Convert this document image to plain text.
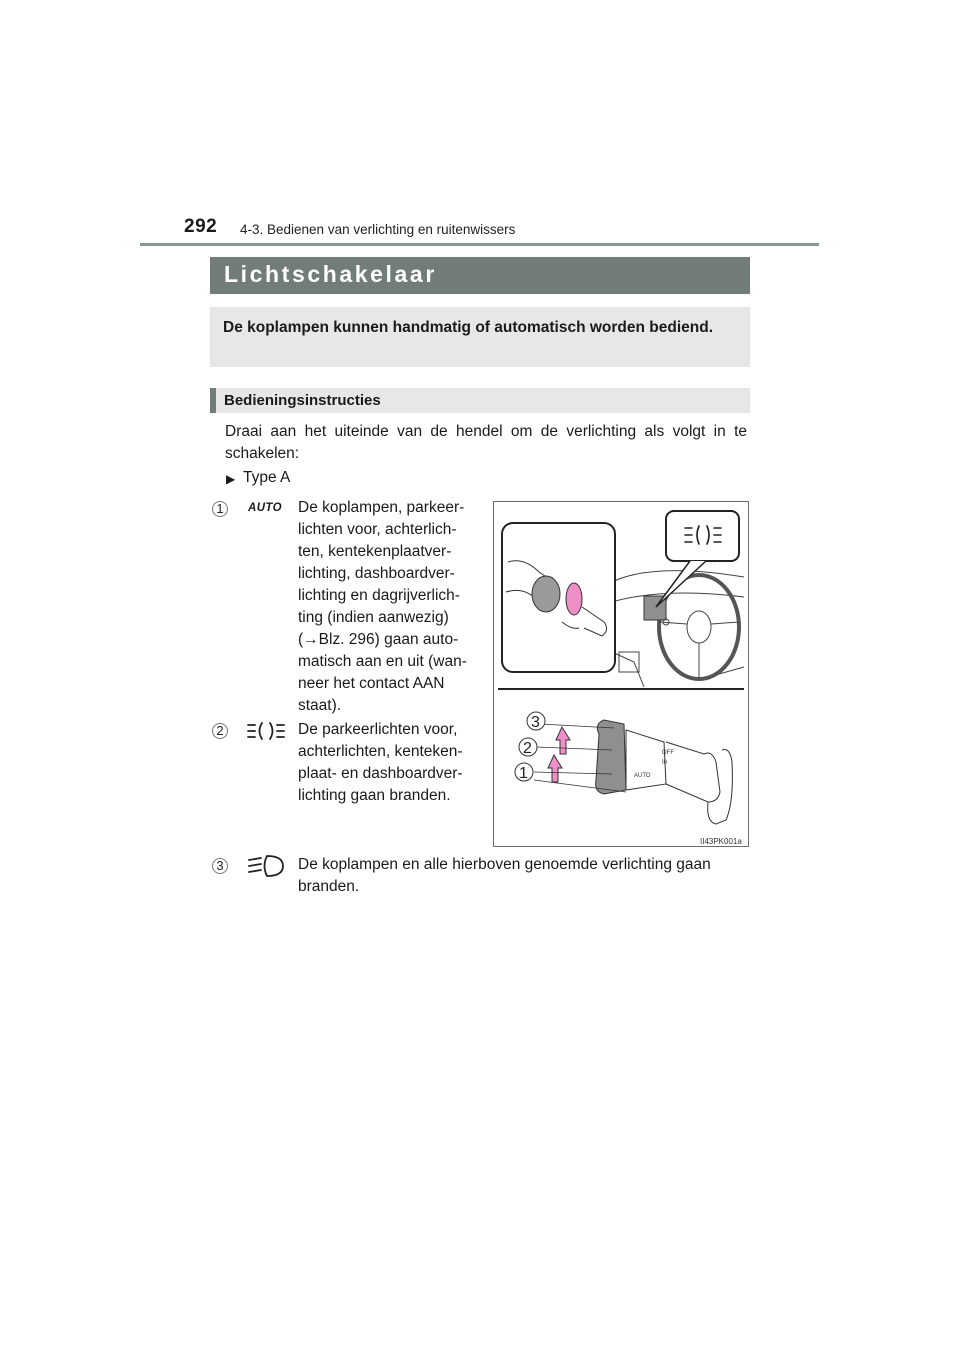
292 4-3. Bedienen van verlichting en ruitenwissers
Lichtschakelaar
De koplampen kunnen handmatig of automatisch worden bediend.
Bedieningsinstructies
Draai aan het uiteinde van de hendel om de verlichting als volgt in te schakelen:
▶ Type A
1	AUTO De koplampen, parkeer-
lichten voor, achterlich-
ten, kentekenplaatver-
lichting, dashboardver-
lichting en dagrijverlich-
ting (indien aanwezig)
(→Blz. 296) gaan auto-
matisch aan en uit (wan-
neer het contact AAN
staat).
2	De parkeerlichten voor,
achterlichten, kenteken-
plaat- en dashboardver-
lichting gaan branden.
3	De koplampen en alle hierboven genoemde verlichting gaan
branden.
3
2
1	AUTO
ⅼ0
OFF
II43PK001a
